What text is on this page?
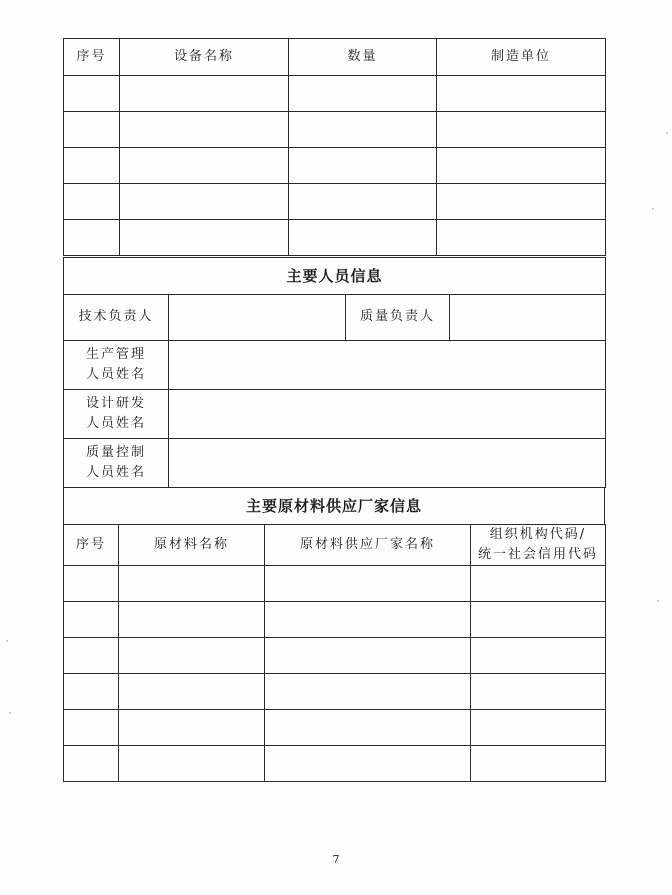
序号	设备名称	数量	制造单位

主要人员信息			
技术负责人		质量负责人	

生产管理
人员姓名			

设计研发
人员姓名			

质量控制
人员姓名			

序号	原材料名称	原材料供应厂家名称	组织机构代码/
统一社会信用代码

主要原材料供应厂家信息
7
